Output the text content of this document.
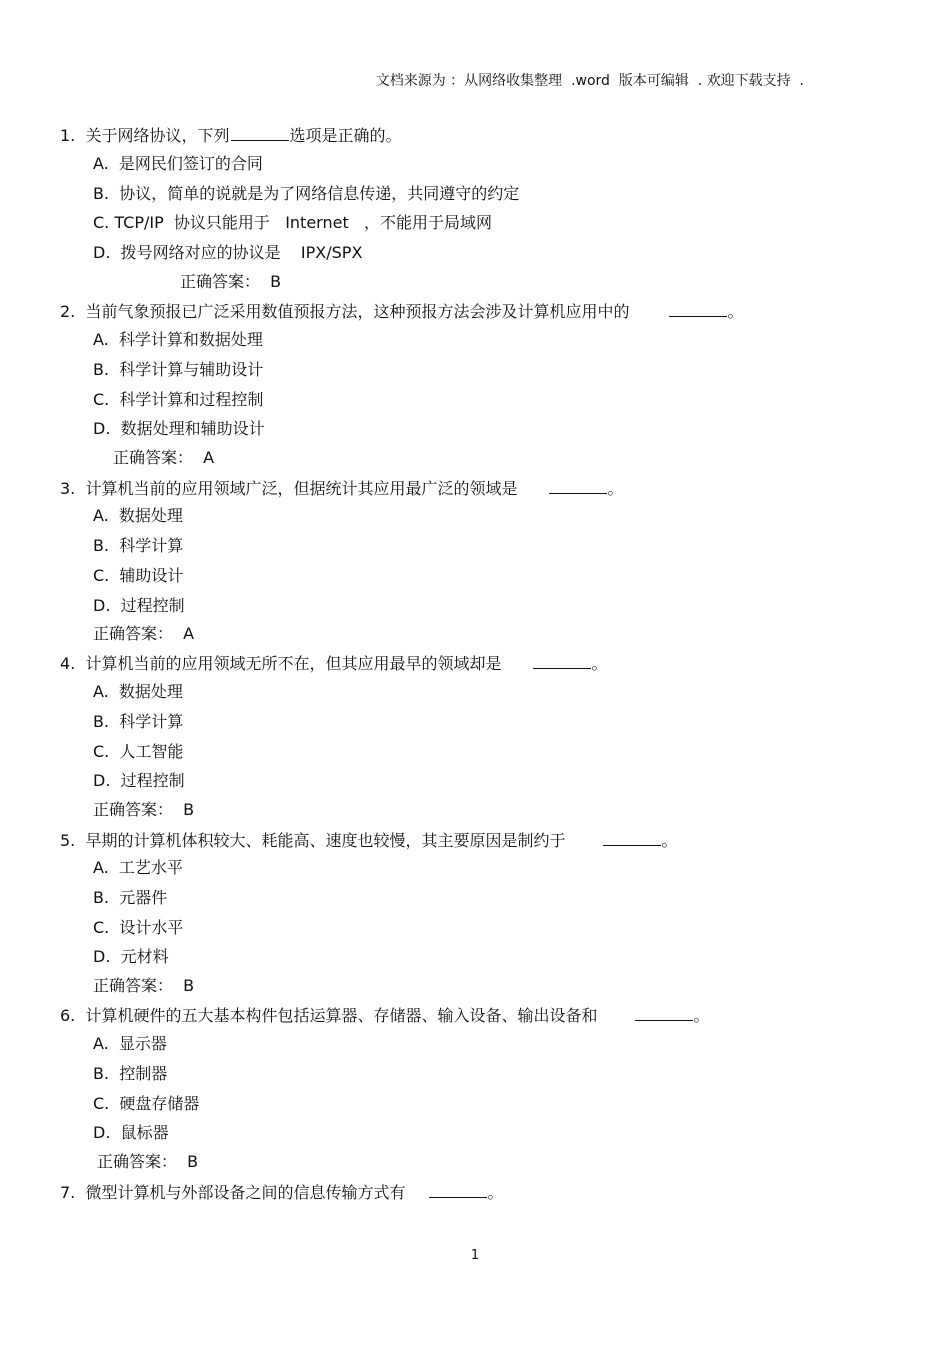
文档来源为 ：从网络收集整理  .word  版本可编辑  . 欢迎下载支持  .
1.  关于网络协议，下列	选项是正确的。
A.  是网民们签订的合同
B.  协议，简单的说就是为了网络信息传递，共同遵守的约定
C. TCP/IP  协议只能用于   Internet   ，不能用于局域网
D.  拨号网络对应的协议是    IPX/SPX
正确答案：  B
2.  当前气象预报已广泛采用数值预报方法，这种预报方法会涉及计算机应用中的	。
A.  科学计算和数据处理
B.  科学计算与辅助设计
C.  科学计算和过程控制
D.  数据处理和辅助设计
正确答案：  A
3.  计算机当前的应用领域广泛，但据统计其应用最广泛的领域是	。
A.  数据处理
B.  科学计算
C.  辅助设计
D.  过程控制
正确答案：  A
4.  计算机当前的应用领域无所不在，但其应用最早的领域却是	。
A.  数据处理
B.  科学计算
C.  人工智能
D.  过程控制
正确答案：  B
5.  早期的计算机体积较大、耗能高、速度也较慢，其主要原因是制约于	。
A.  工艺水平
B.  元器件
C.  设计水平
D.  元材料
正确答案：  B
6.  计算机硬件的五大基本构件包括运算器、存储器、输入设备、输出设备和	。
A.  显示器
B.  控制器
C.  硬盘存储器
D.  鼠标器
正确答案：  B
7.  微型计算机与外部设备之间的信息传输方式有	。
1
